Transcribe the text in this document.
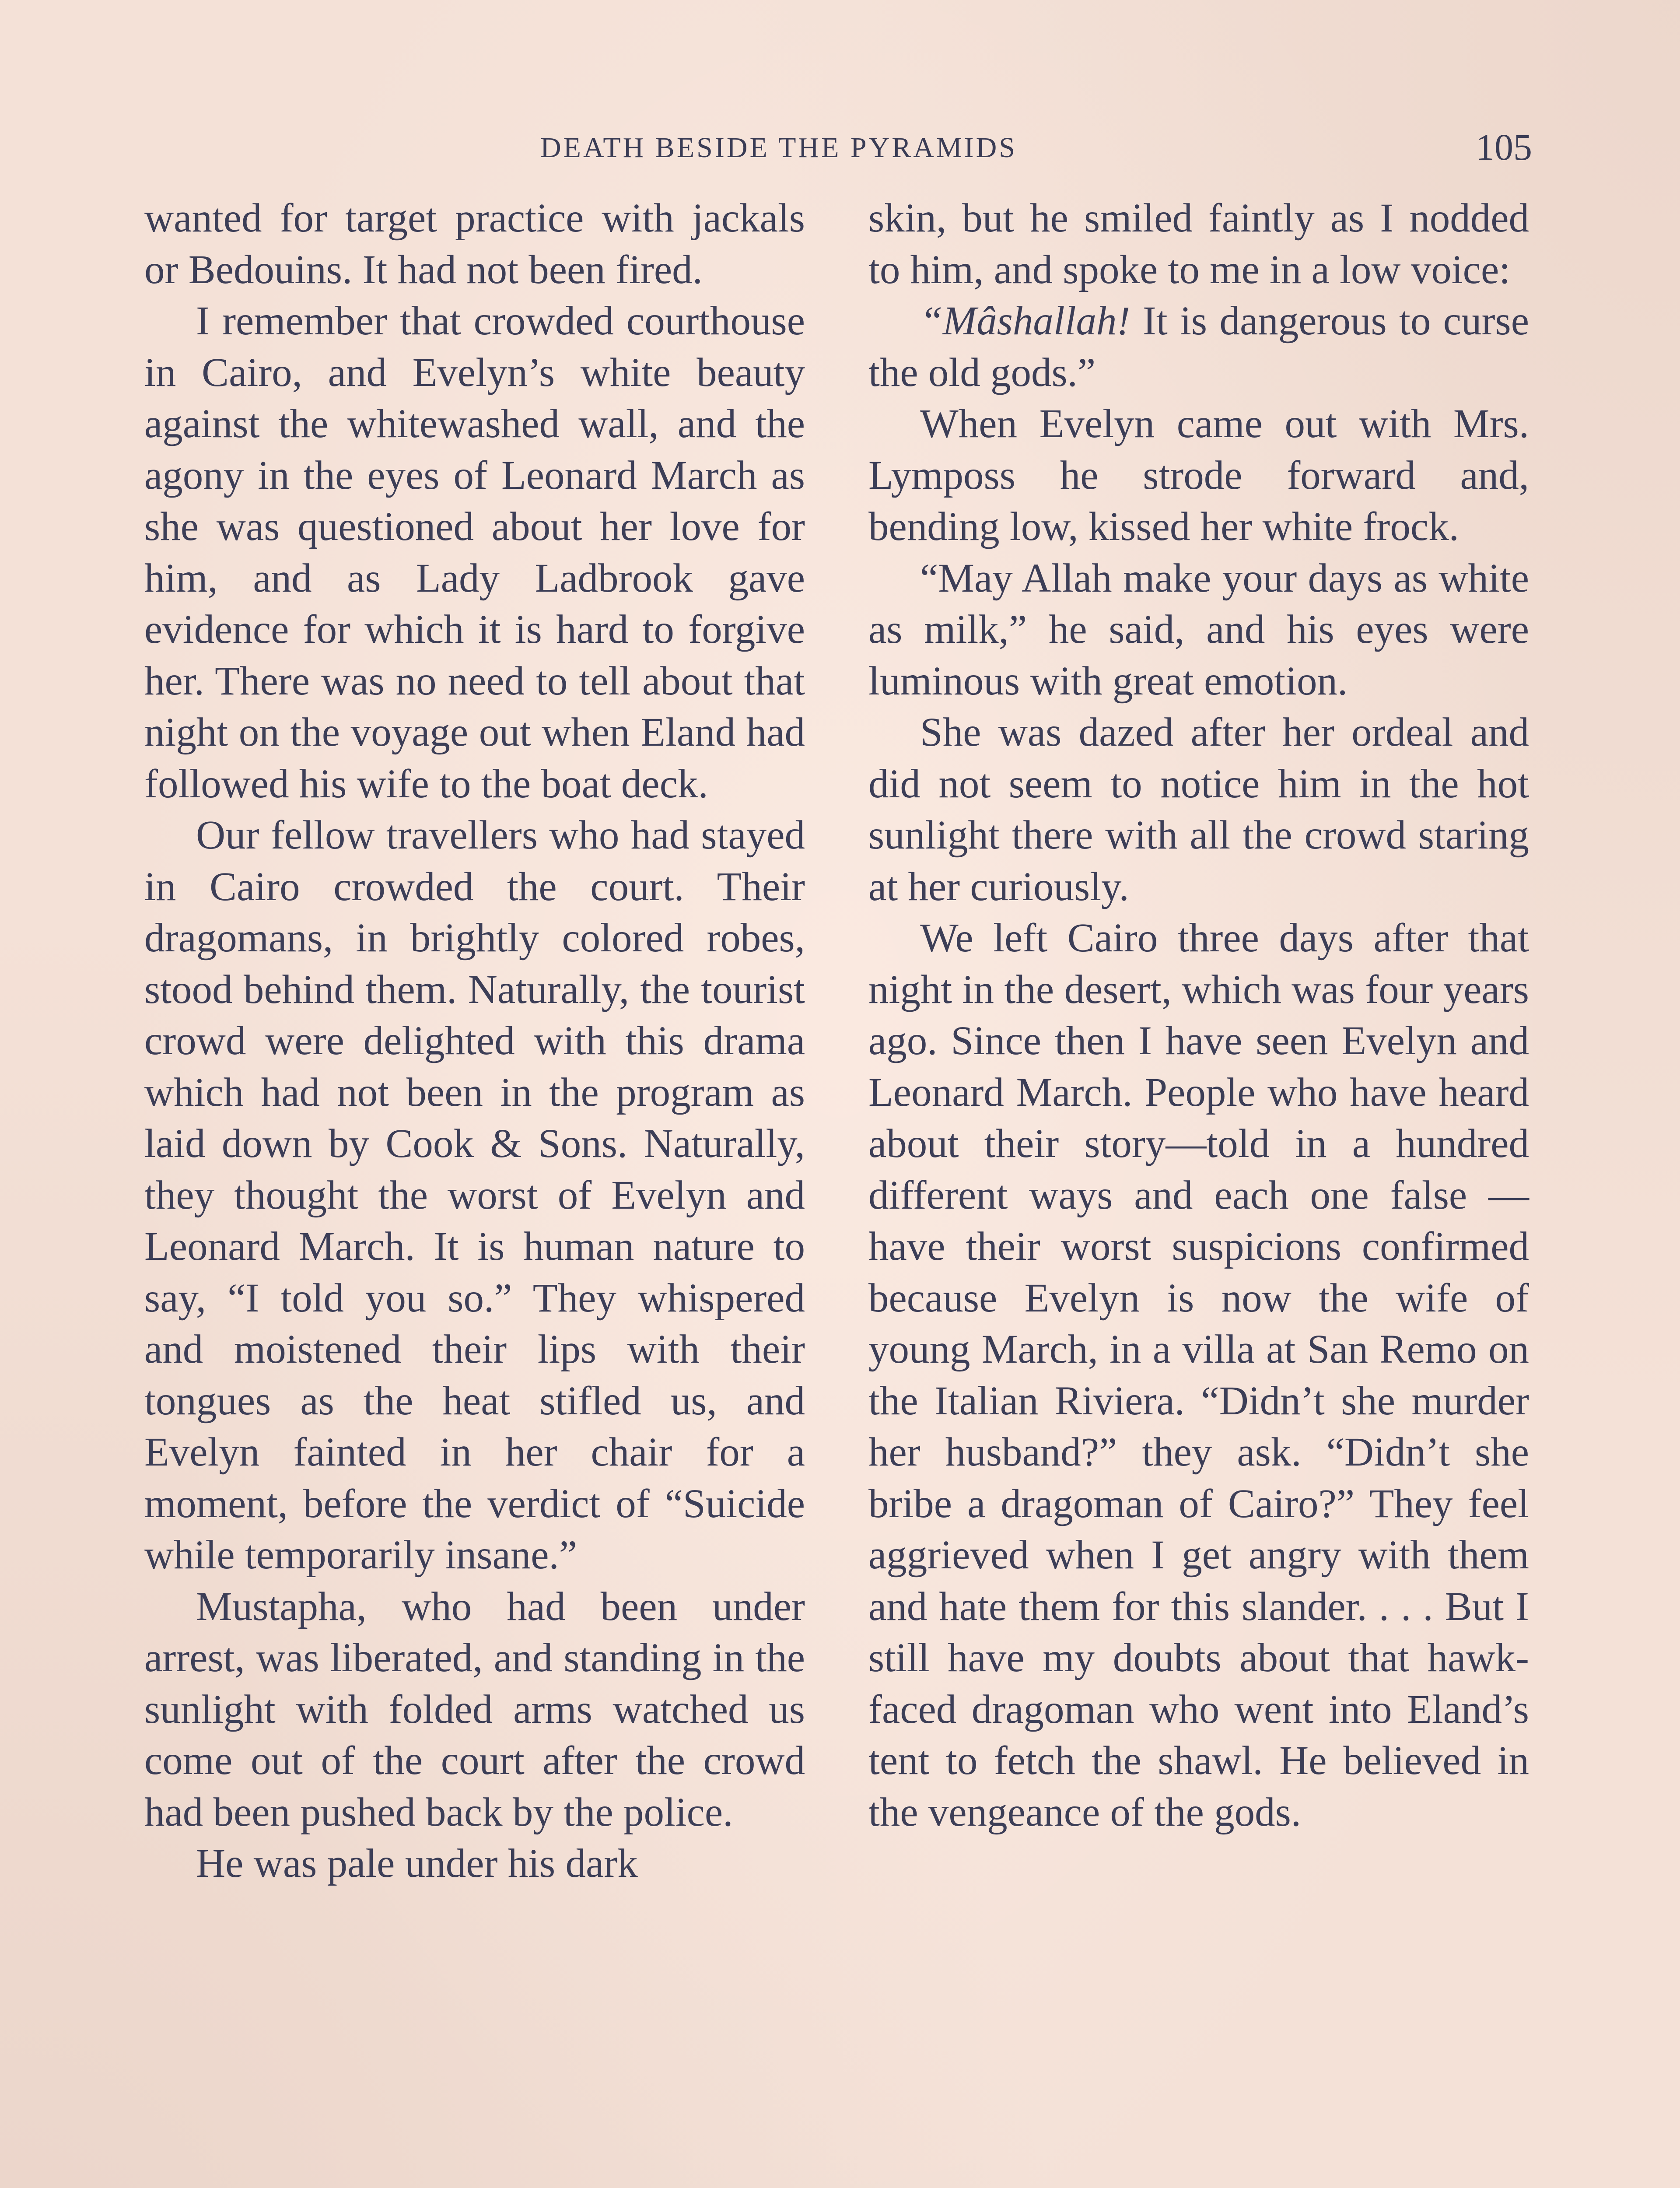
DEATH BESIDE THE PYRAMIDS	105

wanted for target practice with jackals or Bedouins. It had not been fired.

I remember that crowded courthouse in Cairo, and Evelyn’s white beauty against the whitewashed wall, and the agony in the eyes of Leonard March as she was questioned about her love for him, and as Lady Ladbrook gave evidence for which it is hard to forgive her. There was no need to tell about that night on the voyage out when Eland had followed his wife to the boat deck.

Our fellow travellers who had stayed in Cairo crowded the court. Their dragomans, in brightly colored robes, stood behind them. Naturally, the tourist crowd were delighted with this drama which had not been in the program as laid down by Cook & Sons. Naturally, they thought the worst of Evelyn and Leonard March. It is human nature to say, “I told you so.” They whispered and moistened their lips with their tongues as the heat stifled us, and Evelyn fainted in her chair for a moment, before the verdict of “Suicide while temporarily insane.”

Mustapha, who had been under arrest, was liberated, and standing in the sunlight with folded arms watched us come out of the court after the crowd had been pushed back by the police.

He was pale under his dark

skin, but he smiled faintly as I nodded to him, and spoke to me in a low voice:

“Mâshallah! It is dangerous to curse the old gods.”

When Evelyn came out with Mrs. Lymposs he strode forward and, bending low, kissed her white frock.

“May Allah make your days as white as milk,” he said, and his eyes were luminous with great emotion.

She was dazed after her ordeal and did not seem to notice him in the hot sunlight there with all the crowd staring at her curiously.

We left Cairo three days after that night in the desert, which was four years ago. Since then I have seen Evelyn and Leonard March. People who have heard about their story—told in a hundred different ways and each one false —have their worst suspicions confirmed because Evelyn is now the wife of young March, in a villa at San Remo on the Italian Riviera. “Didn’t she murder her husband?” they ask. “Didn’t she bribe a dragoman of Cairo?” They feel aggrieved when I get angry with them and hate them for this slander. . . . But I still have my doubts about that hawk-faced dragoman who went into Eland’s tent to fetch the shawl. He believed in the vengeance of the gods.
